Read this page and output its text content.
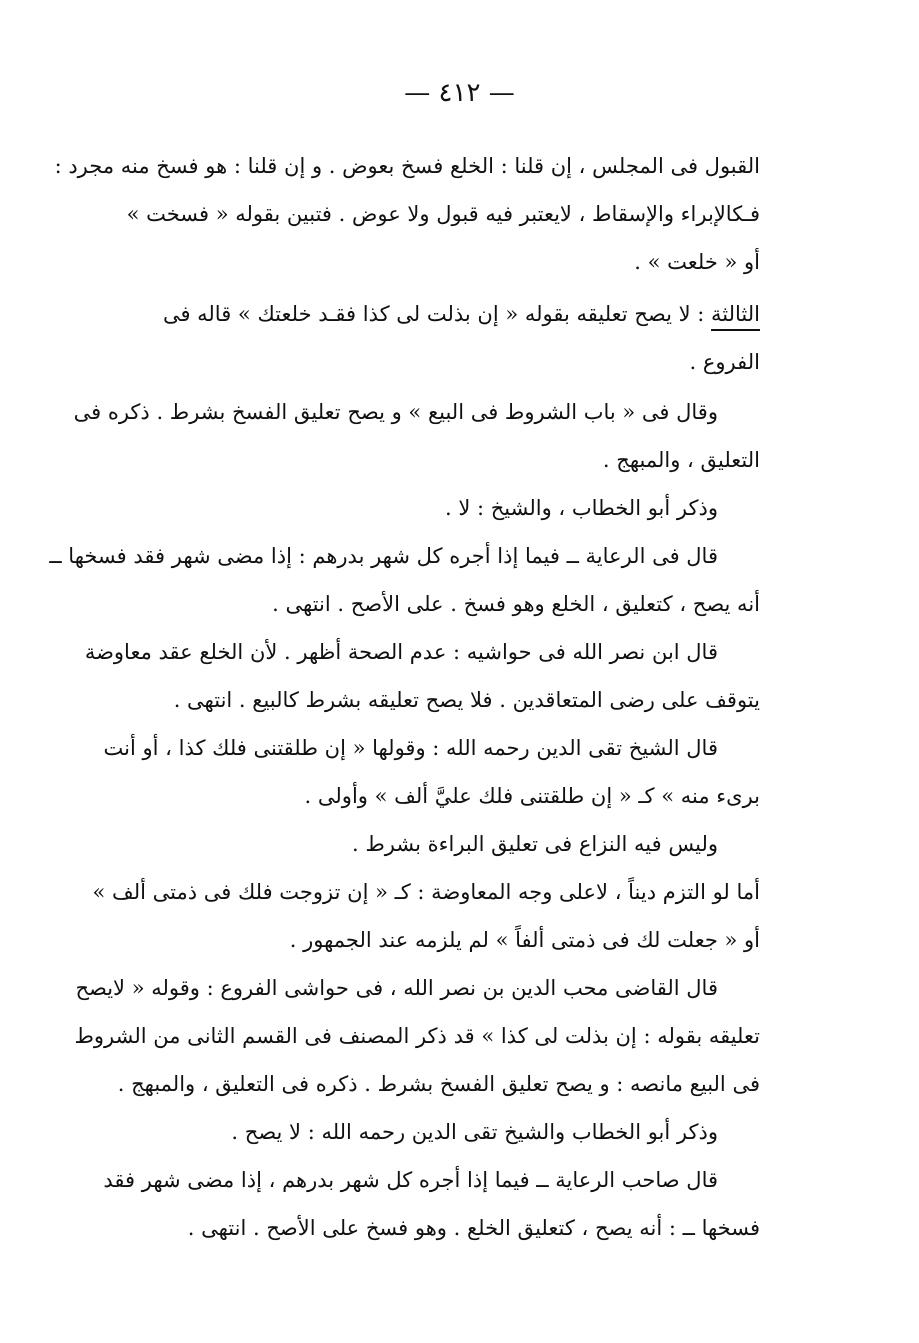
— ٤١٢ —
القبول فى المجلس ، إن قلنا : الخلع فسخ بعوض . و إن قلنا : هو فسخ منه مجرد :
فـكالإبراء والإسقاط ، لايعتبر فيه قبول ولا عوض . فتبين بقوله « فسخت »
أو « خلعت » .
الثالثة : لا يصح تعليقه بقوله « إن بذلت لى كذا فقـد خلعتك » قاله فى
الفروع .
وقال فى « باب الشروط فى البيع » و يصح تعليق الفسخ بشرط . ذكره فى
التعليق ، والمبهج .
وذكر أبو الخطاب ، والشيخ : لا .
قال فى الرعاية ــ فيما إذا أجره كل شهر بدرهم : إذا مضى شهر فقد فسخها ــ
أنه يصح ، كتعليق ، الخلع وهو فسخ . على الأصح . انتهى .
قال ابن نصر الله فى حواشيه : عدم الصحة أظهر . لأن الخلع عقد معاوضة
يتوقف على رضى المتعاقدين . فلا يصح تعليقه بشرط كالبيع . انتهى .
قال الشيخ تقى الدين رحمه الله : وقولها « إن طلقتنى فلك كذا ، أو أنت
برىء منه » كـ « إن طلقتنى فلك عليَّ ألف » وأولى .
وليس فيه النزاع فى تعليق البراءة بشرط .
أما لو التزم ديناً ، لاعلى وجه المعاوضة : كـ « إن تزوجت فلك فى ذمتى ألف »
أو « جعلت لك فى ذمتى ألفاً » لم يلزمه عند الجمهور .
قال القاضى محب الدين بن نصر الله ، فى حواشى الفروع : وقوله « لايصح
تعليقه بقوله : إن بذلت لى كذا » قد ذكر المصنف فى القسم الثانى من الشروط
فى البيع مانصه : و يصح تعليق الفسخ بشرط . ذكره فى التعليق ، والمبهج .
وذكر أبو الخطاب والشيخ تقى الدين رحمه الله : لا يصح .
قال صاحب الرعاية ــ فيما إذا أجره كل شهر بدرهم ، إذا مضى شهر فقد
فسخها ــ : أنه يصح ، كتعليق الخلع . وهو فسخ على الأصح . انتهى .
